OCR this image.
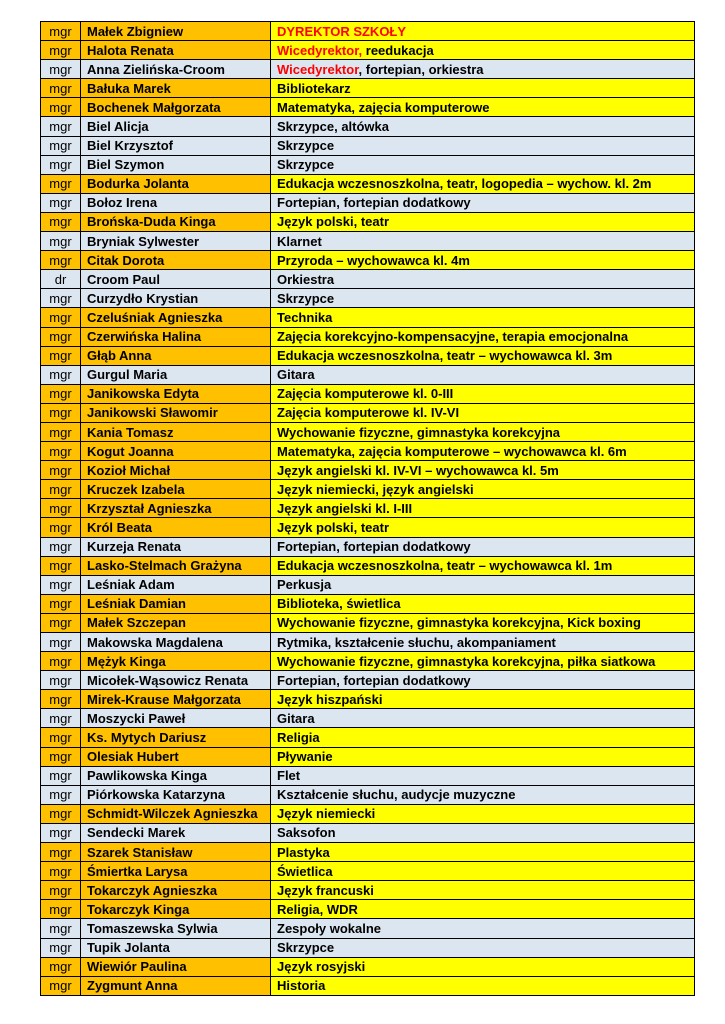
mgr	Małek Zbigniew	DYREKTOR SZKOŁY
mgr	Halota Renata	Wicedyrektor, reedukacja
mgr	Anna Zielińska-Croom	Wicedyrektor, fortepian, orkiestra
mgr	Bałuka Marek	Bibliotekarz
mgr	Bochenek Małgorzata	Matematyka, zajęcia komputerowe
mgr	Biel Alicja	Skrzypce, altówka
mgr	Biel Krzysztof	Skrzypce
mgr	Biel Szymon	Skrzypce
mgr	Bodurka Jolanta	Edukacja wczesnoszkolna, teatr, logopedia – wychow. kl. 2m
mgr	Bołoz Irena	Fortepian, fortepian dodatkowy
mgr	Brońska-Duda Kinga	Język polski, teatr
mgr	Bryniak Sylwester	Klarnet
mgr	Citak Dorota	Przyroda – wychowawca kl. 4m
dr	Croom Paul	Orkiestra
mgr	Curzydło Krystian	Skrzypce
mgr	Czeluśniak Agnieszka	Technika
mgr	Czerwińska Halina	Zajęcia korekcyjno-kompensacyjne, terapia emocjonalna
mgr	Głąb Anna	Edukacja wczesnoszkolna, teatr – wychowawca kl. 3m
mgr	Gurgul Maria	Gitara
mgr	Janikowska Edyta	Zajęcia komputerowe kl. 0-III
mgr	Janikowski Sławomir	Zajęcia komputerowe kl. IV-VI
mgr	Kania Tomasz	Wychowanie fizyczne, gimnastyka korekcyjna
mgr	Kogut Joanna	Matematyka, zajęcia komputerowe – wychowawca kl. 6m
mgr	Kozioł Michał	Język angielski kl. IV-VI – wychowawca kl. 5m
mgr	Kruczek Izabela	Język niemiecki, język angielski
mgr	Krzyształ Agnieszka	Język angielski kl. I-III
mgr	Król Beata	Język polski, teatr
mgr	Kurzeja Renata	Fortepian, fortepian dodatkowy
mgr	Lasko-Stelmach Grażyna	Edukacja wczesnoszkolna, teatr – wychowawca kl. 1m
mgr	Leśniak Adam	Perkusja
mgr	Leśniak Damian	Biblioteka, świetlica
mgr	Małek Szczepan	Wychowanie fizyczne, gimnastyka korekcyjna, Kick boxing
mgr	Makowska Magdalena	Rytmika, kształcenie słuchu, akompaniament
mgr	Mężyk Kinga	Wychowanie fizyczne, gimnastyka korekcyjna, piłka siatkowa
mgr	Micołek-Wąsowicz Renata	Fortepian, fortepian dodatkowy
mgr	Mirek-Krause Małgorzata	Język hiszpański
mgr	Moszycki Paweł	Gitara
mgr	Ks. Mytych Dariusz	Religia
mgr	Olesiak Hubert	Pływanie
mgr	Pawlikowska Kinga	Flet
mgr	Piórkowska Katarzyna	Kształcenie słuchu, audycje muzyczne
mgr	Schmidt-Wilczek Agnieszka	Język niemiecki
mgr	Sendecki Marek	Saksofon
mgr	Szarek Stanisław	Plastyka
mgr	Śmiertka Larysa	Świetlica
mgr	Tokarczyk Agnieszka	Język francuski
mgr	Tokarczyk Kinga	Religia, WDR
mgr	Tomaszewska Sylwia	Zespoły wokalne
mgr	Tupik Jolanta	Skrzypce
mgr	Wiewiór Paulina	Język rosyjski
mgr	Zygmunt Anna	Historia
